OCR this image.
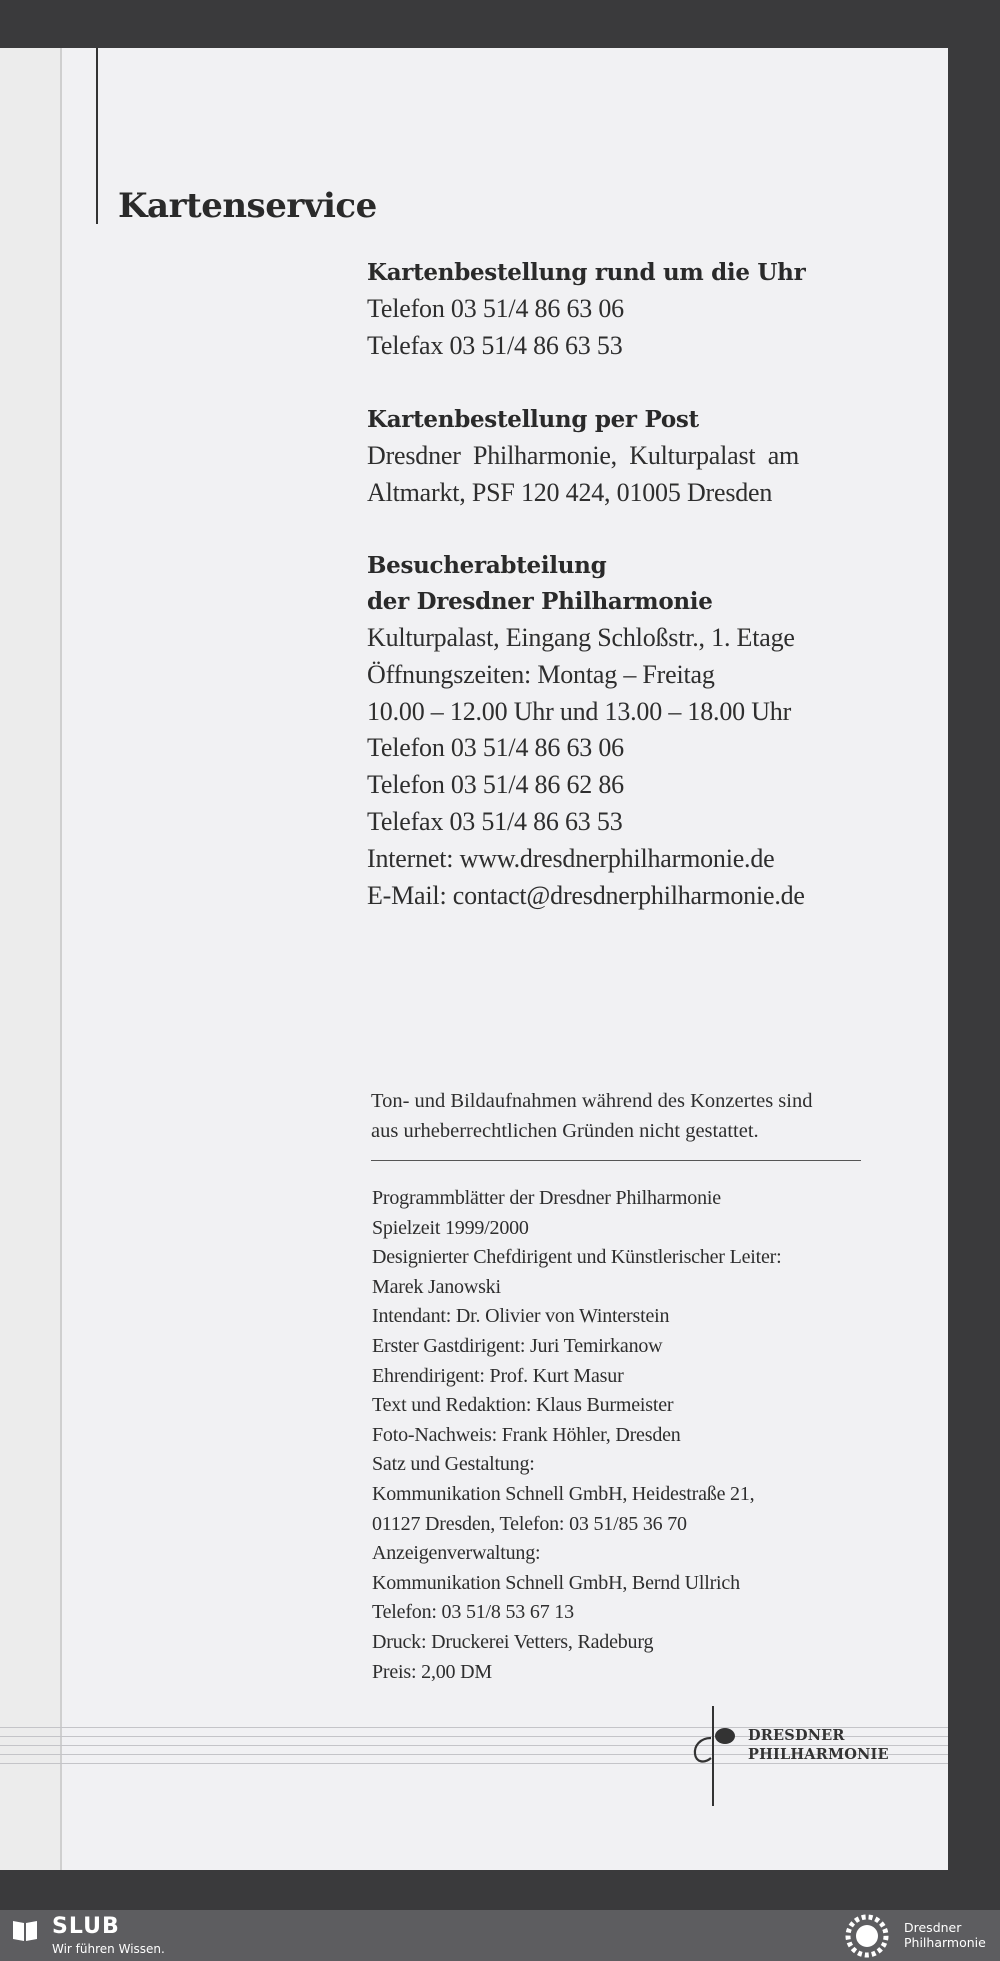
Kartenservice
Kartenbestellung rund um die Uhr

Telefon 03 51/4 86 63 06

Telefax 03 51/4 86 63 53

Kartenbestellung per Post

Dresdner Philharmonie, Kulturpalast am

Altmarkt, PSF 120 424, 01005 Dresden

Besucherabteilung
der Dresdner Philharmonie

Kulturpalast, Eingang Schloßstr., 1. Etage

Öffnungszeiten: Montag – Freitag

10.00 – 12.00 Uhr und 13.00 – 18.00 Uhr

Telefon 03 51/4 86 63 06

Telefon 03 51/4 86 62 86

Telefax 03 51/4 86 63 53

Internet: www.dresdnerphilharmonie.de

E-Mail: contact@dresdnerphilharmonie.de

Ton- und Bildaufnahmen während des Konzertes sind
aus urheberrechtlichen Gründen nicht gestattet.

Programmblätter der Dresdner Philharmonie

Spielzeit 1999/2000

Designierter Chefdirigent und Künstlerischer Leiter:

Marek Janowski

Intendant: Dr. Olivier von Winterstein

Erster Gastdirigent: Juri Temirkanow

Ehrendirigent: Prof. Kurt Masur

Text und Redaktion: Klaus Burmeister

Foto-Nachweis: Frank Höhler, Dresden

Satz und Gestaltung:

Kommunikation Schnell GmbH, Heidestraße 21,

01127 Dresden, Telefon: 03 51/85 36 70

Anzeigenverwaltung:

Kommunikation Schnell GmbH, Bernd Ullrich

Telefon: 03 51/8 53 67 13

Druck: Druckerei Vetters, Radeburg

Preis: 2,00 DM

DRESDNER
PHILHARMONIE
SLUB
Wir führen Wissen.
Dresdner
Philharmonie
